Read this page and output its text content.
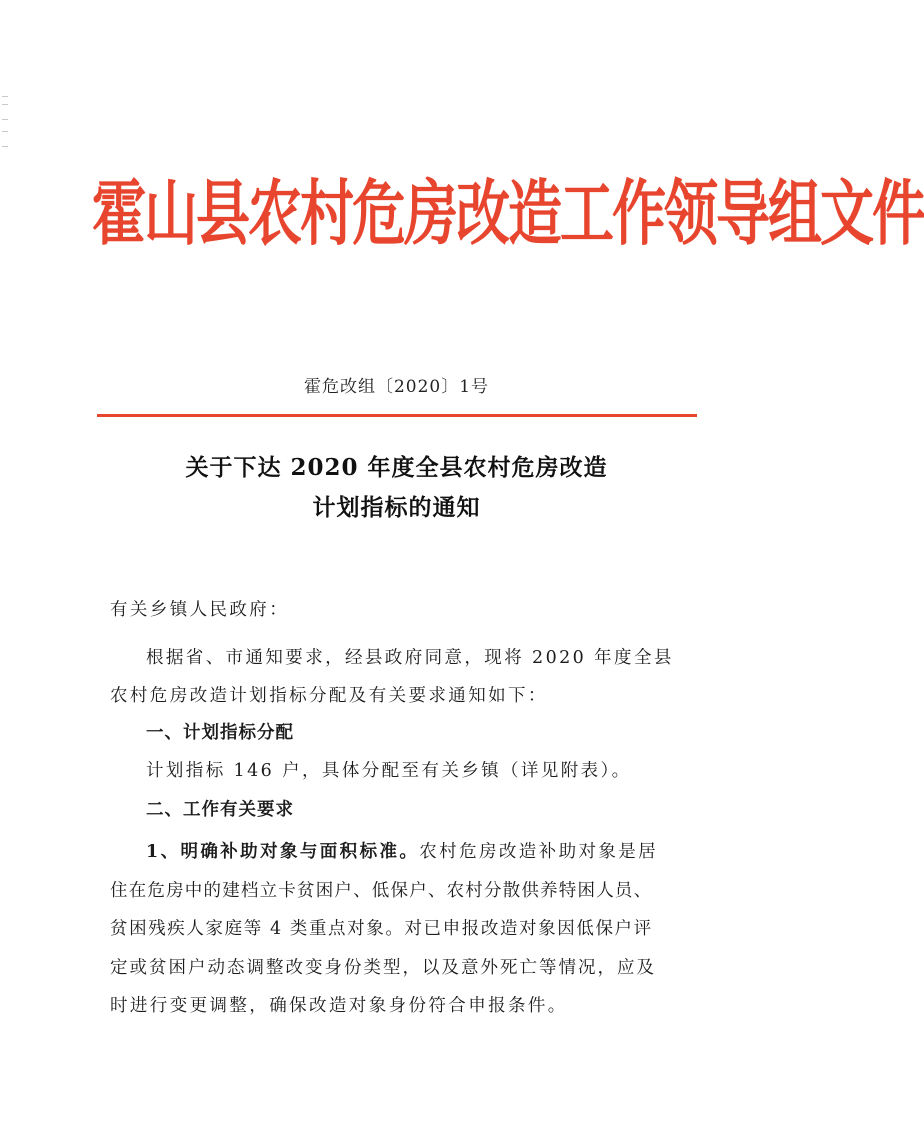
霍山县农村危房改造工作领导组文件
霍危改组〔2020〕1号
关于下达 2020 年度全县农村危房改造
计划指标的通知
有关乡镇人民政府：
根据省、市通知要求，经县政府同意，现将 2020 年度全县
农村危房改造计划指标分配及有关要求通知如下：
一、计划指标分配
计划指标 146 户，具体分配至有关乡镇（详见附表）。
二、工作有关要求
1、明确补助对象与面积标准。农村危房改造补助对象是居
住在危房中的建档立卡贫困户、低保户、农村分散供养特困人员、
贫困残疾人家庭等 4 类重点对象。对已申报改造对象因低保户评
定或贫困户动态调整改变身份类型，以及意外死亡等情况，应及
时进行变更调整，确保改造对象身份符合申报条件。
